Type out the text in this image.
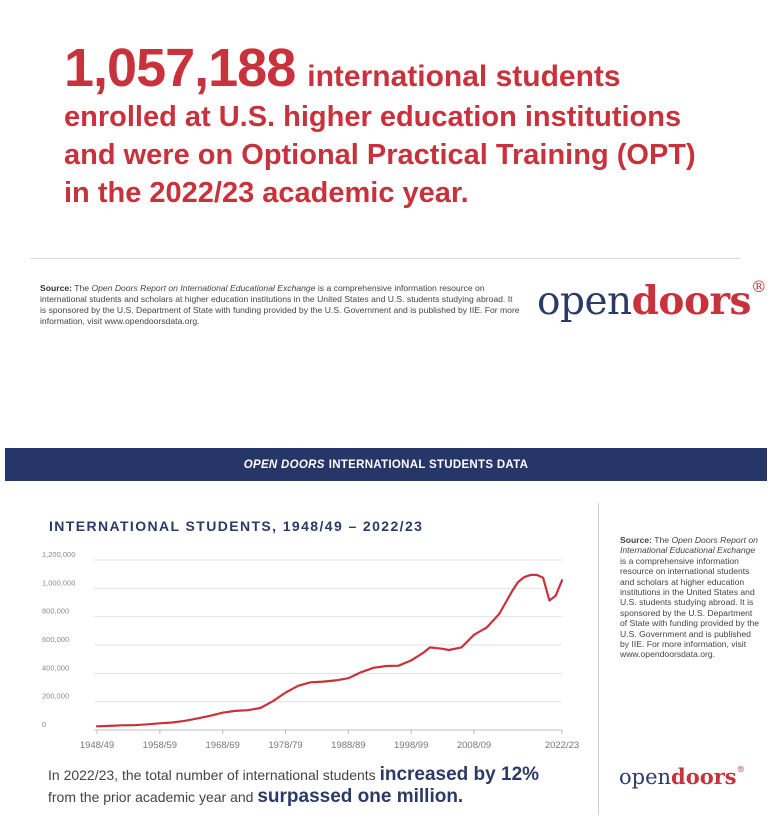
1,057,188 international students
enrolled at U.S. higher education institutions and were on Optional Practical Training (OPT) in the 2022/23 academic year.
Source: The Open Doors Report on International Educational Exchange is a comprehensive information resource on international students and scholars at higher education institutions in the United States and U.S. students studying abroad. It is sponsored by the U.S. Department of State with funding provided by the U.S. Government and is published by IIE. For more information, visit www.opendoorsdata.org.	opendoors®
OPEN DOORS INTERNATIONAL STUDENTS DATA
INTERNATIONAL STUDENTS, 1948/49 – 2022/23
0
200,000
400,000
600,000
800,000
1,000,000
1,200,000
1948/49	1958/59	1968/69	1978/79	1988/89	1998/99	2008/09	2022/23
Source: The Open Doors Report on International Educational Exchange is a comprehensive information resource on international students and scholars at higher education institutions in the United States and U.S. students studying abroad. It is sponsored by the U.S. Department of State with funding provided by the U.S. Government and is published by IIE. For more information, visit www.opendoorsdata.org.
In 2022/23, the total number of international students increased by 12%
from the prior academic year and surpassed one million.
opendoors®
